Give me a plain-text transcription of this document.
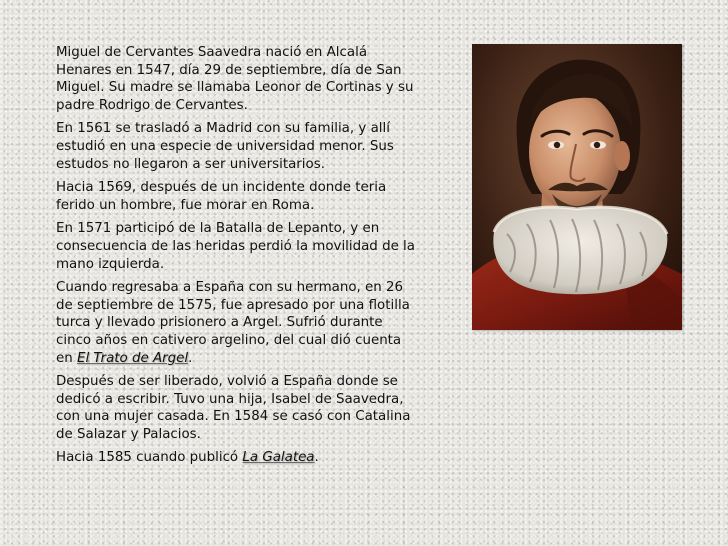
Miguel de Cervantes Saavedra nació en Alcalá Henares en 1547, día 29 de septiembre, día de San Miguel. Su madre se llamaba Leonor de Cortinas y su padre Rodrigo de Cervantes.

En 1561 se trasladó a Madrid con su familia, y allí estudió en una especie de universidad menor. Sus estudos no llegaron a ser universitarios.

Hacia 1569, después de un incidente donde teria ferido un hombre, fue morar en Roma.

En 1571 participó de la Batalla de Lepanto, y en consecuencia de las heridas perdió la movilidad de la mano izquierda.

Cuando regresaba a España con su hermano, en 26 de septiembre de 1575, fue apresado por una flotilla turca y llevado prisionero a Argel. Sufrió durante cinco años en cativero argelino, del cual dió cuenta en El Trato de Argel.

Después de ser liberado, volvió a España donde se dedicó a escribir. Tuvo una hija, Isabel de Saavedra, con una mujer casada. En 1584 se casó con Catalina de Salazar y Palacios.

Hacia 1585 cuando publicó La Galatea.
